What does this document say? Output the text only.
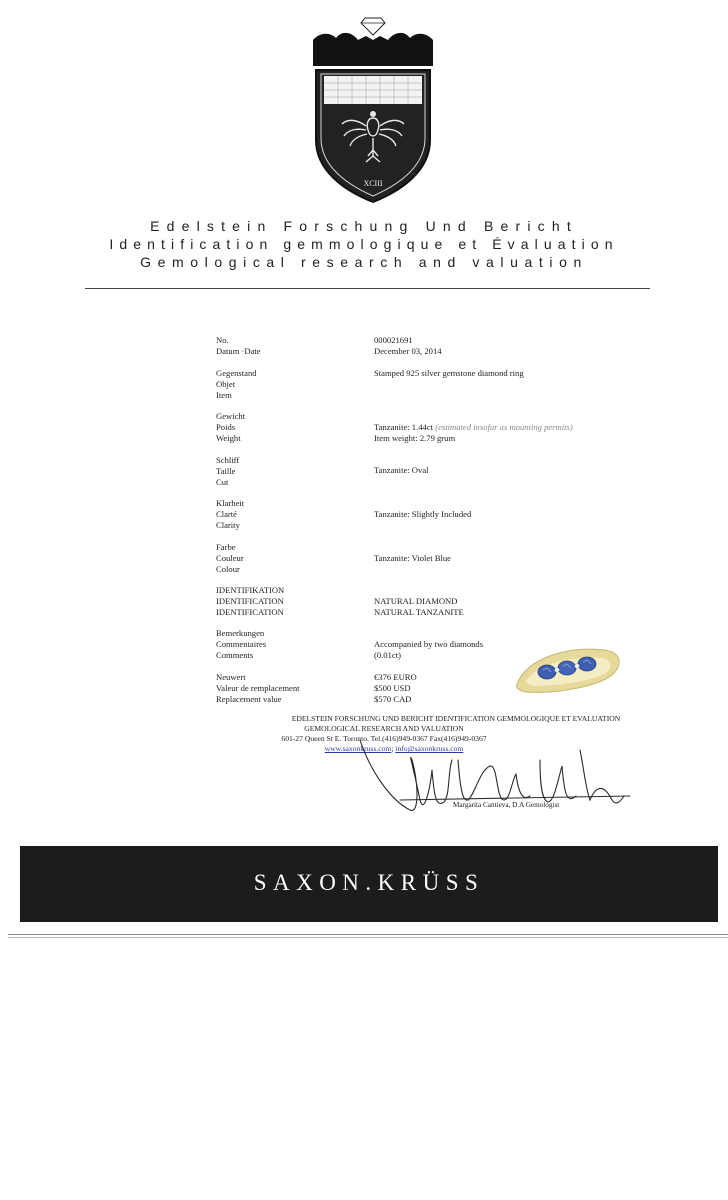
XCIII
Edelstein Forschung Und Bericht
Identification gemmologique et Évaluation
Gemological research and valuation
No.
Datum ·Date
000021691
December 03, 2014
Gegenstand
Objet
Item
Stamped 925 silver gemstone diamond ring
Gewicht
Poids
Weight
Tanzanite: 1.44ct (estimated insofar as mounting permits)
Item weight: 2.79 grum
Schliff
Taille
Cut
Tanzanite: Oval
Klarheit
Clarté
Clarity
Tanzanite: Slightly Included
Farbe
Couleur
Colour
Tanzanite: Violet Blue
IDENTIFIKATION
IDENTIFICATION
IDENTIFICATION
NATURAL DIAMOND
NATURAL TANZANITE
Bemerkungen
Commentaires
Comments
Accompanied by two diamonds
(0.01ct)
Neuwert
Valeur de remplacement
Replacement value
€376 EURO
$500 USD
$570 CAD
EDELSTEIN FORSCHUNG UND BERICHT IDENTIFICATION GEMMOLOGIQUE ET EVALUATION
GEMOLOGICAL RESEARCH AND VALUATION
601-27 Queen St E. Toronto. Tel.(416)949-0367 Fax(416)949-0367
www.saxonkruss.com; info@saxonkruss.com
Margarita Cantieva, D.A Gemologist
SAXON.KRÜSS
